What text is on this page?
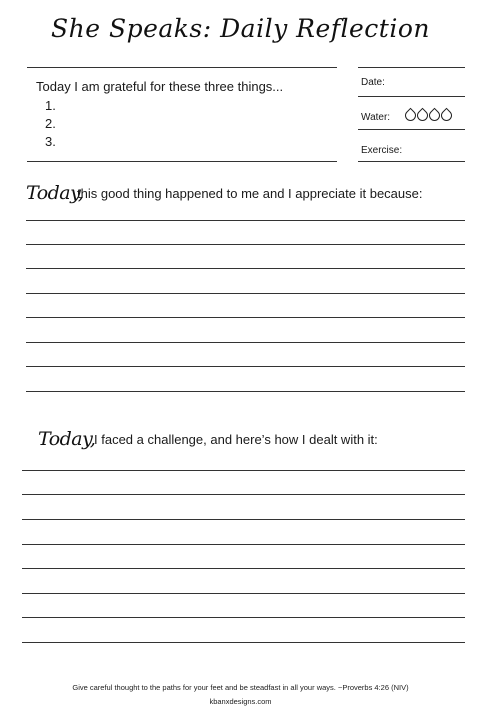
She Speaks: Daily Reflection
Today I am grateful for these three things...
1.
2.
3.
Date:
Water:
Exercise:
Today,
this good thing happened to me and I appreciate it because:
Today,
I faced a challenge, and here’s how I dealt with it:
Give careful thought to the paths for your feet and be steadfast in all your ways. ~Proverbs 4:26 (NIV)
kbanxdesigns.com
